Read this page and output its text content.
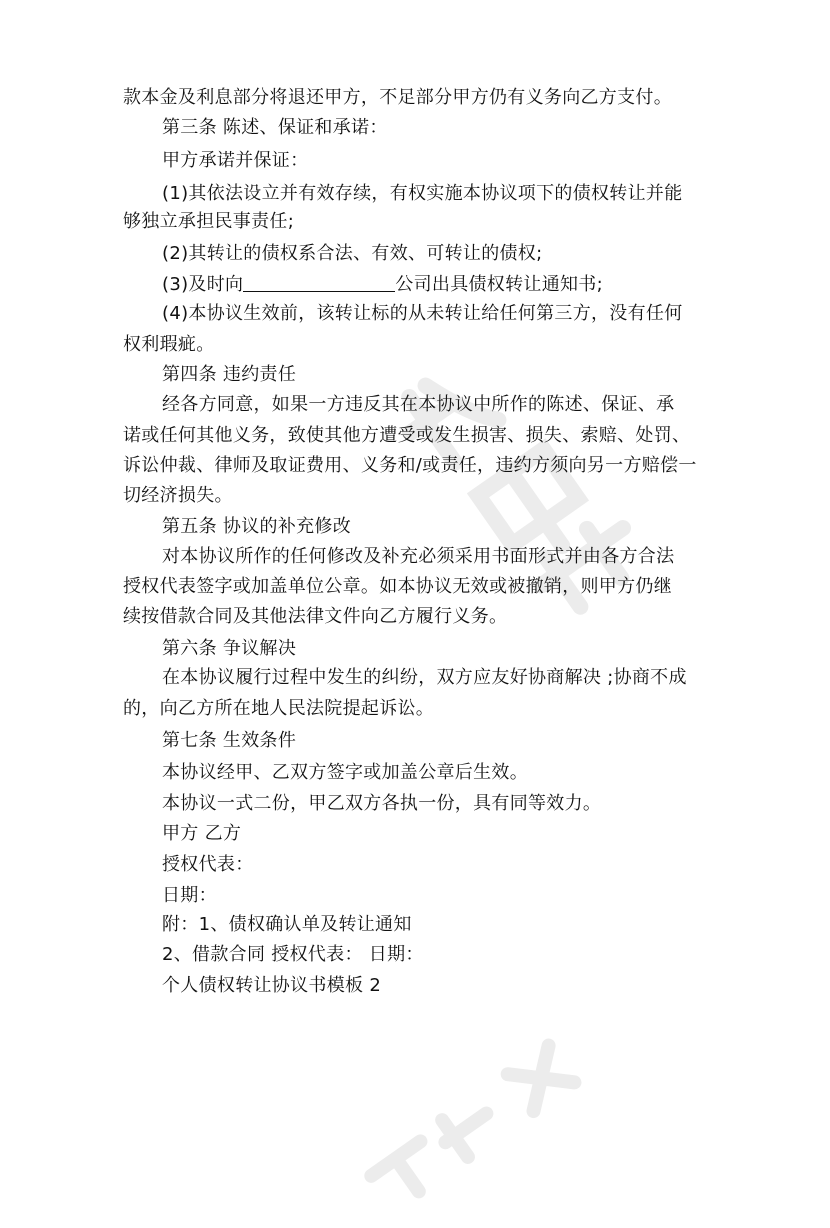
款本金及利息部分将退还甲方，不足部分甲方仍有义务向乙方支付。
第三条 陈述、保证和承诺：
甲方承诺并保证：
(1)其依法设立并有效存续，有权实施本协议项下的债权转让并能
够独立承担民事责任;
(2)其转让的债权系合法、有效、可转让的债权;
(3)及时向	公司出具债权转让通知书;
(4)本协议生效前，该转让标的从未转让给任何第三方，没有任何
权利瑕疵。
第四条 违约责任
经各方同意，如果一方违反其在本协议中所作的陈述、保证、承
诺或任何其他义务，致使其他方遭受或发生损害、损失、索赔、处罚、
诉讼仲裁、律师及取证费用、义务和/或责任，违约方须向另一方赔偿一
切经济损失。
第五条 协议的补充修改
对本协议所作的任何修改及补充必须采用书面形式并由各方合法
授权代表签字或加盖单位公章。如本协议无效或被撤销，则甲方仍继
续按借款合同及其他法律文件向乙方履行义务。
第六条 争议解决
在本协议履行过程中发生的纠纷，双方应友好协商解决 ;协商不成
的，向乙方所在地人民法院提起诉讼。
第七条 生效条件
本协议经甲、乙双方签字或加盖公章后生效。
本协议一式二份，甲乙双方各执一份，具有同等效力。
甲方 乙方
授权代表：
日期：
附：1、债权确认单及转让通知
2、借款合同 授权代表： 日期：
个人债权转让协议书模板 2
